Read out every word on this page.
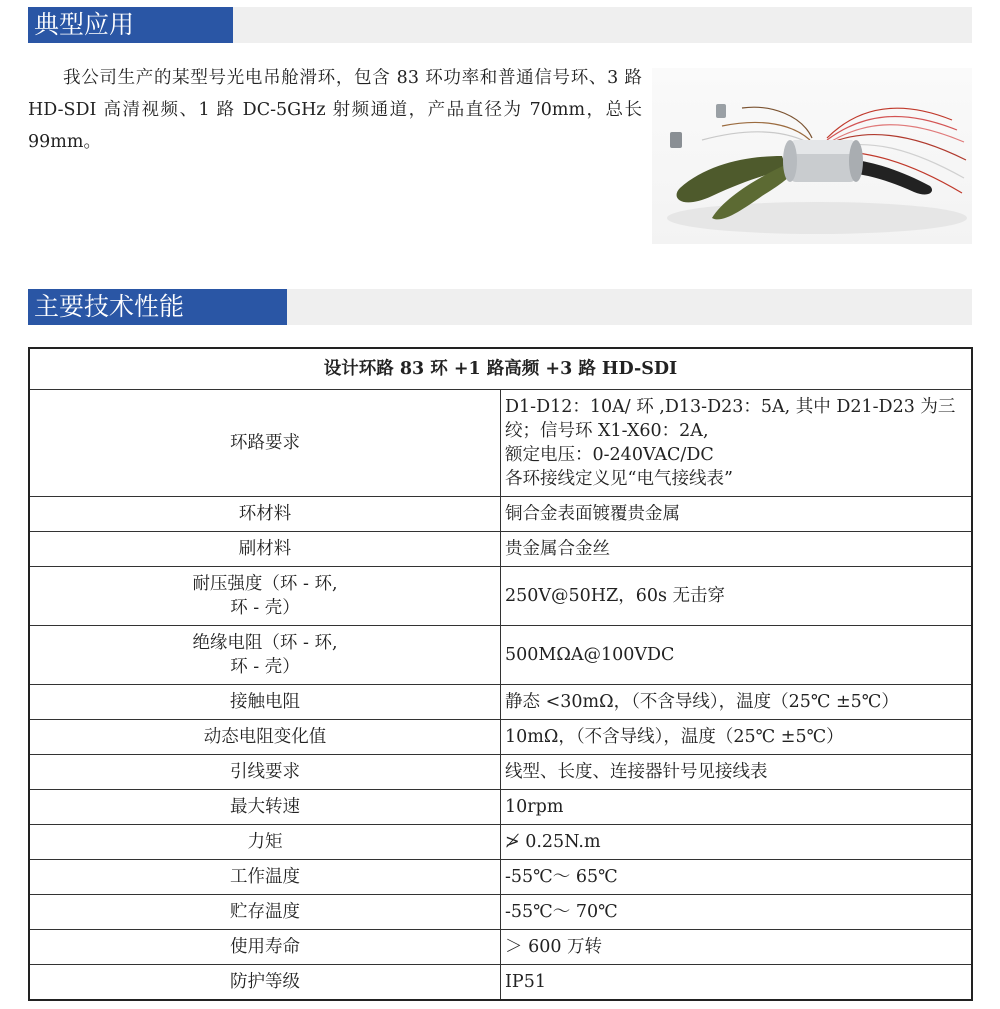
典型应用

我公司生产的某型号光电吊舱滑环，包含 83 环功率和普通信号环、3 路 HD-SDI 高清视频、1 路 DC-5GHz 射频通道，产品直径为 70mm，总长 99mm。

主要技术性能
设计环路 83 环 +1 路高频 +3 路 HD-SDI	
环路要求	D1-D12：10A/ 环 ,D13-D23：5A, 其中 D21-D23 为三绞；信号环 X1-X60：2A,
额定电压：0-240VAC/DC
各环接线定义见“电气接线表”

环材料	铜合金表面镀覆贵金属
刷材料	贵金属合金丝

耐压强度（环 - 环,
环 - 壳）	250V@50HZ，60s 无击穿

绝缘电阻（环 - 环,
环 - 壳）	500MΩA@100VDC
接触电阻	静态 <30mΩ，（不含导线），温度（25℃ ±5℃）
动态电阻变化值	10mΩ，（不含导线），温度（25℃ ±5℃）
引线要求	线型、长度、连接器针号见接线表
最大转速	10rpm
力矩	≯ 0.25N.m
工作温度	-55℃～ 65℃
贮存温度	-55℃～ 70℃
使用寿命	＞ 600 万转
防护等级	IP51
